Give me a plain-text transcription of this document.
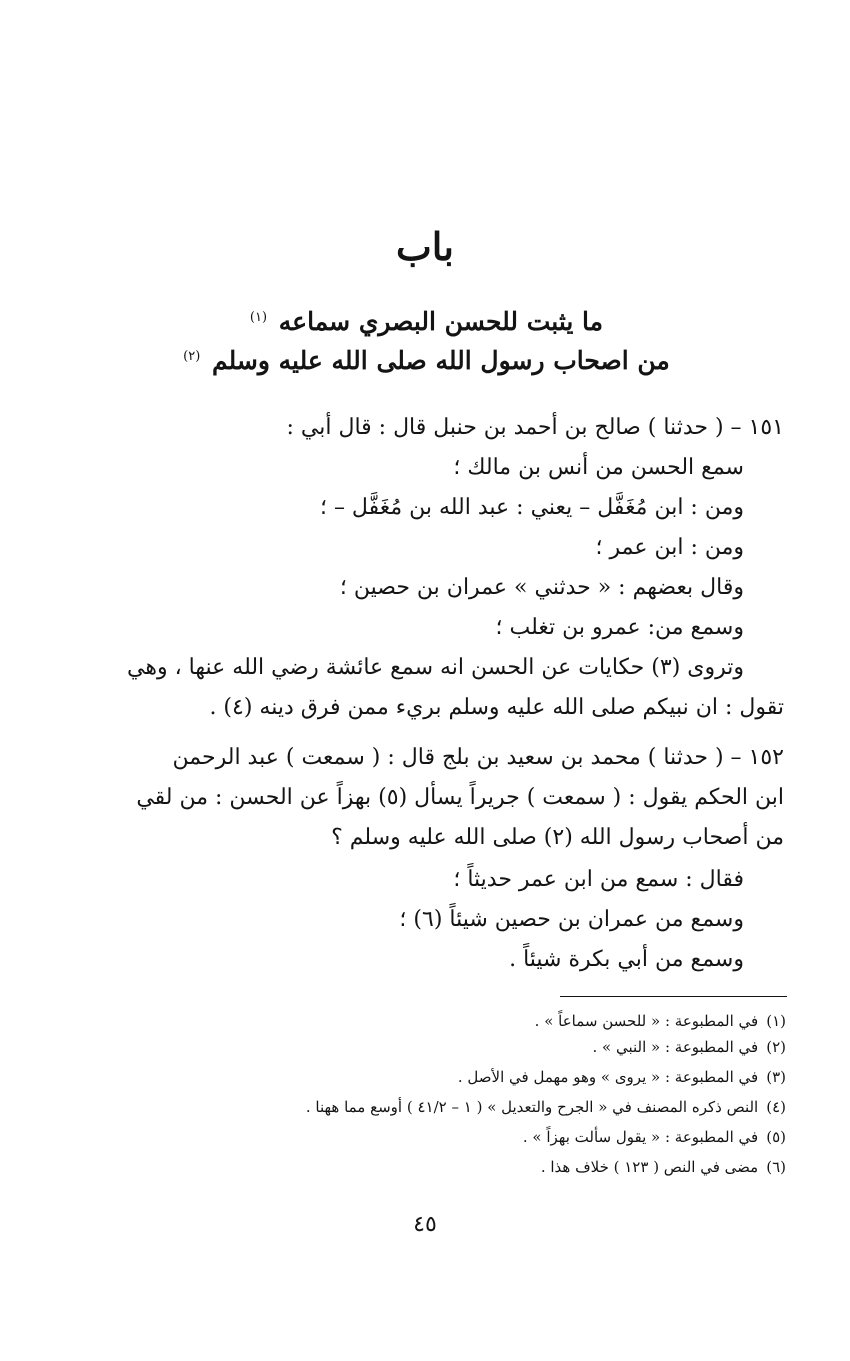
باب
ما يثبت للحسن البصري سماعه $^{(١)}$
من اصحاب رسول الله صلى الله عليه وسلم $^{(٢)}$
١٥١ – ( حدثنا ) صالح بن أحمد بن حنبل قال : قال أبي :
سمع الحسن من أنس بن مالك ؛
ومن : ابن مُغَفَّل – يعني : عبد الله بن مُغَفَّل – ؛
ومن : ابن عمر ؛
وقال بعضهم : « حدثني » عمران بن حصين ؛
وسمع من: عمرو بن تغلب ؛
وتروى (٣) حكايات عن الحسن انه سمع عائشة رضي الله عنها ، وهي
تقول : ان نبيكم صلى الله عليه وسلم بريء ممن فرق دينه (٤) .
١٥٢ – ( حدثنا ) محمد بن سعيد بن بلج قال : ( سمعت ) عبد الرحمن
ابن الحكم يقول : ( سمعت ) جريراً يسأل (٥) بهزاً عن الحسن : من لقي
من أصحاب رسول الله (٢) صلى الله عليه وسلم ؟
فقال : سمع من ابن عمر حديثاً ؛
وسمع من عمران بن حصين شيئاً (٦) ؛
وسمع من أبي بكرة شيئاً .
(١)في المطبوعة : « للحسن سماعاً » .
(٢)في المطبوعة : « النبي » .
(٣)في المطبوعة : « يروى » وهو مهمل في الأصل .
(٤)النص ذكره المصنف في « الجرح والتعديل » ( ١ – ٤١/٢ ) أوسع مما ههنا .
(٥)في المطبوعة : « يقول سألت بهزاً » .
(٦)مضى في النص ( ١٢٣ ) خلاف هذا .
٤٥
